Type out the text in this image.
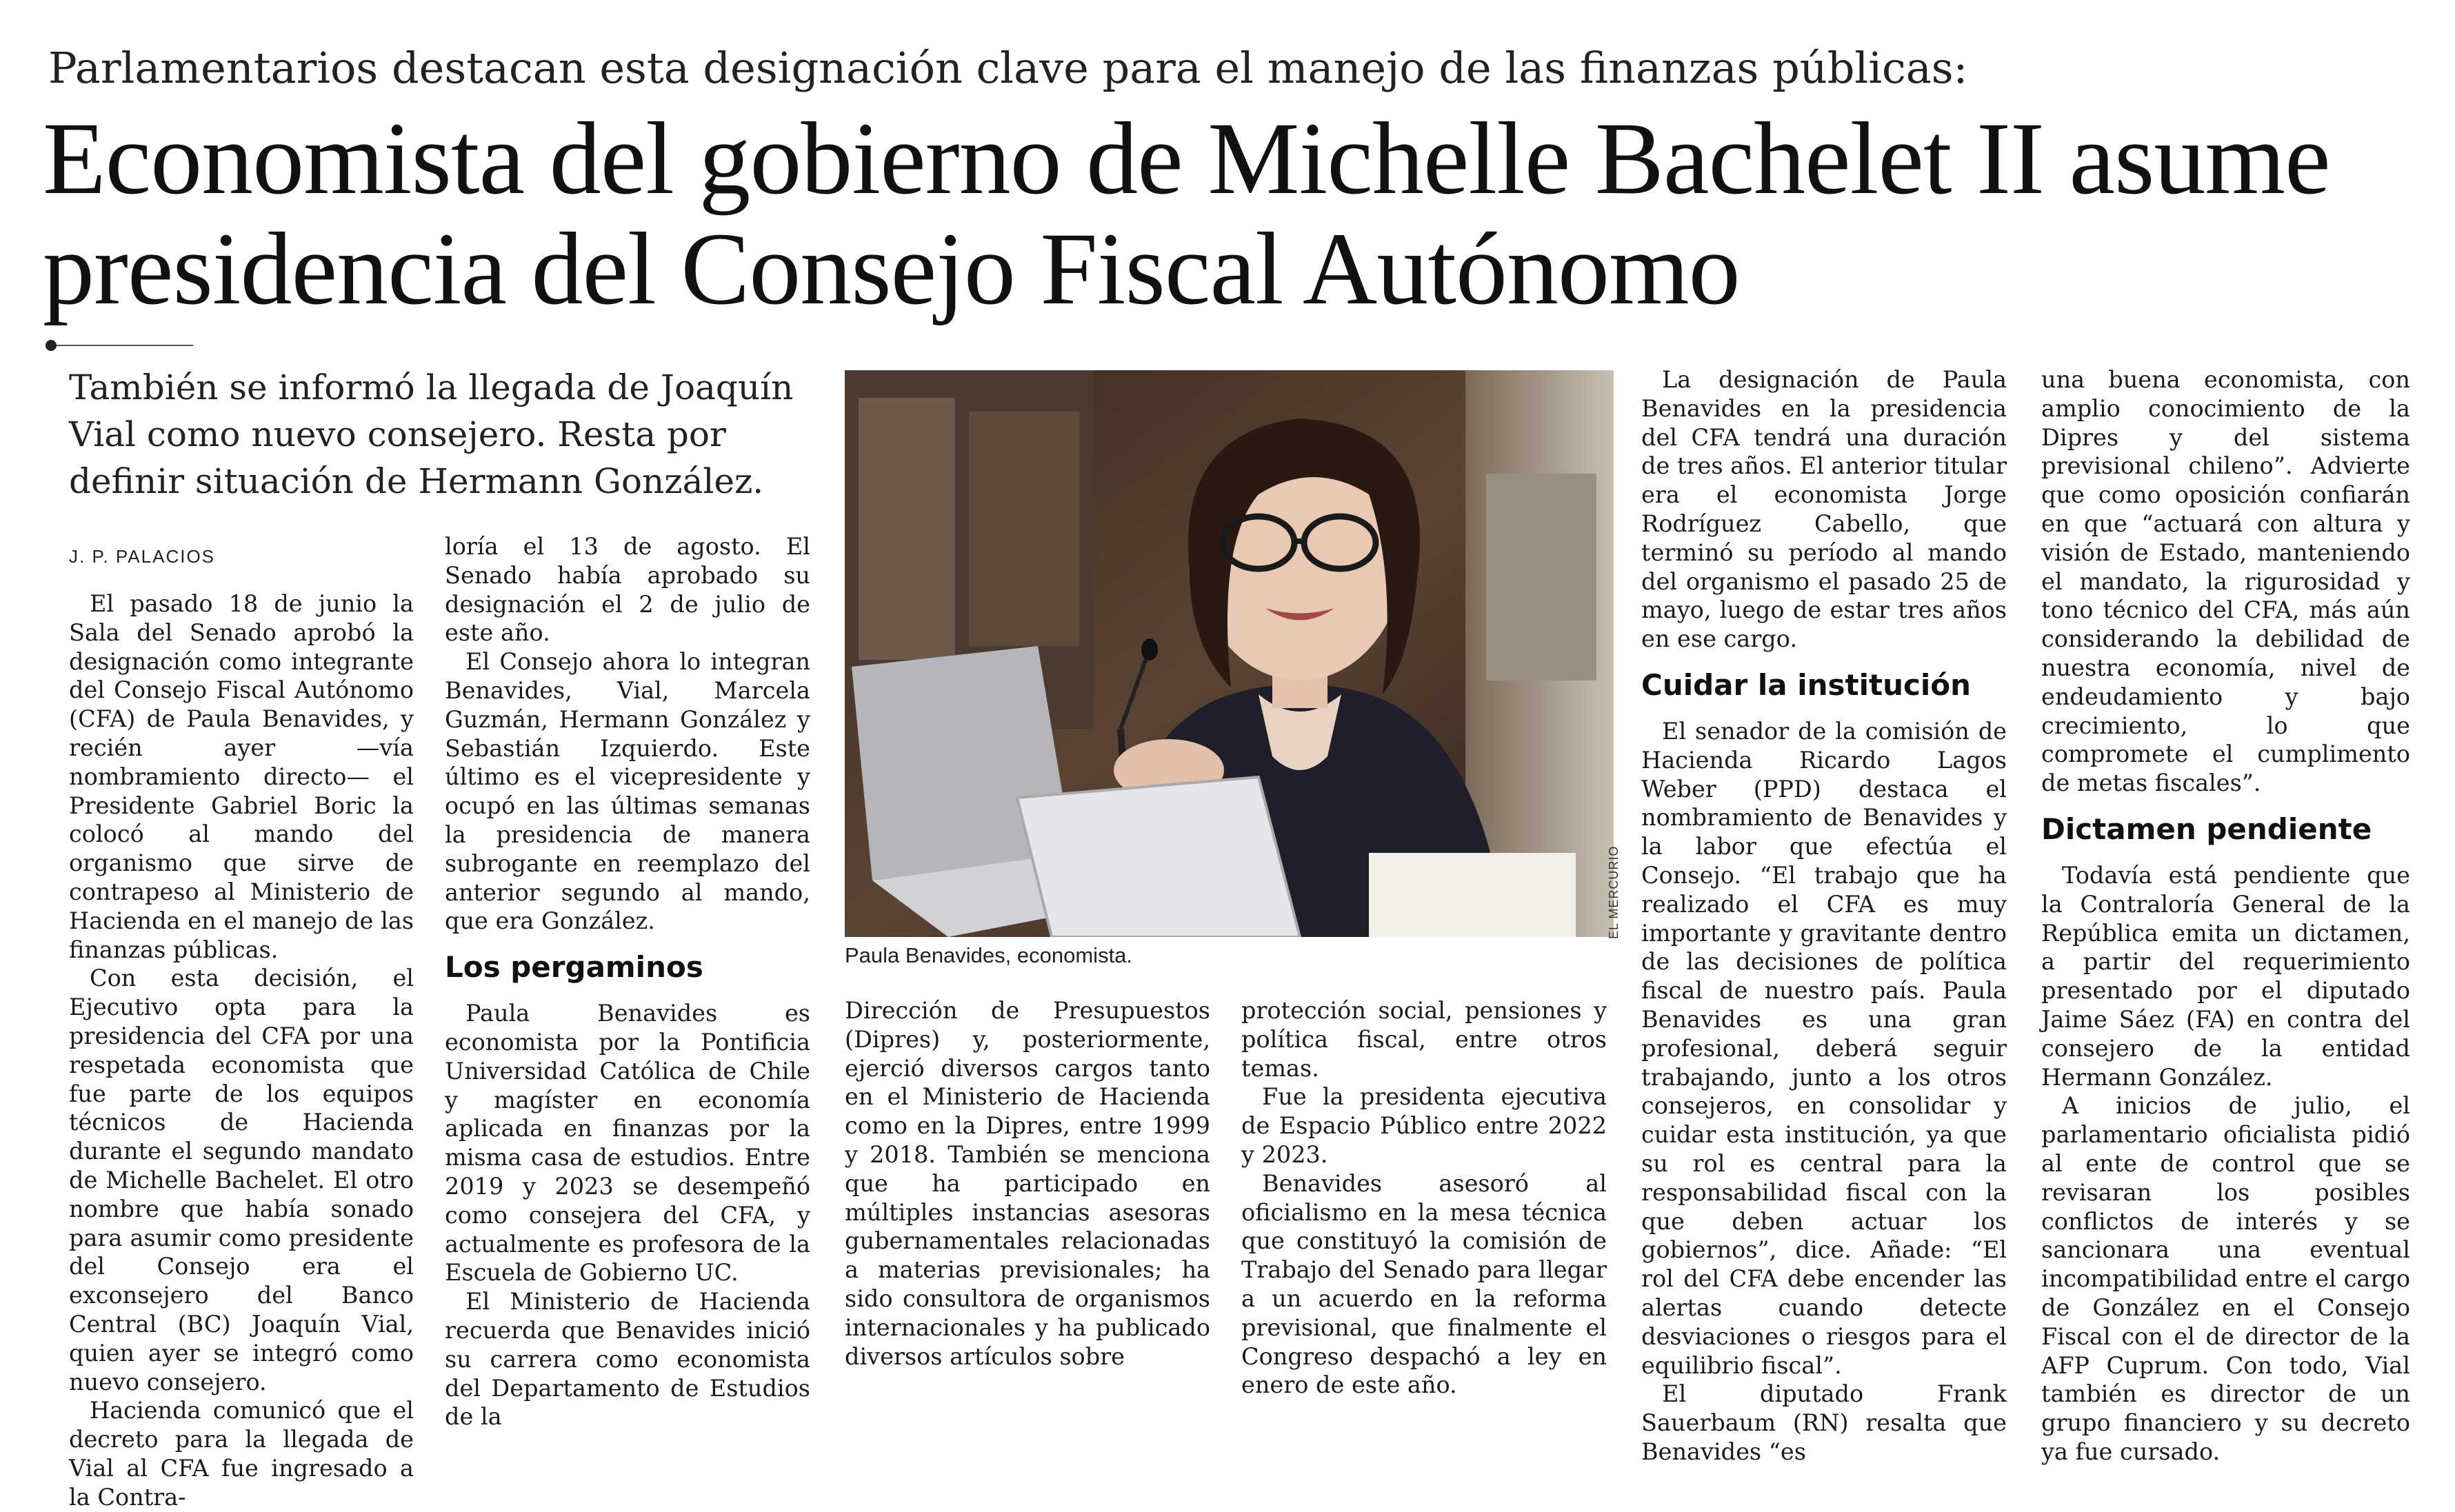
Parlamentarios destacan esta designación clave para el manejo de las finanzas públicas:
Economista del gobierno de Michelle Bachelet II asume presidencia del Consejo Fiscal Autónomo
También se informó la llegada de Joaquín Vial como nuevo consejero. Resta por definir situación de Hermann González.
J. P. PALACIOS

El pasado 18 de junio la Sala del Senado aprobó la designación como integrante del Consejo Fiscal Autónomo (CFA) de Paula Benavides, y recién ayer —vía nombramiento directo— el Presidente Gabriel Boric la colocó al mando del organismo que sirve de contrapeso al Ministerio de Hacienda en el manejo de las finanzas públicas.

Con esta decisión, el Ejecutivo opta para la presidencia del CFA por una respetada economista que fue parte de los equipos técnicos de Hacienda durante el segundo mandato de Michelle Bachelet. El otro nombre que había sonado para asumir como presidente del Consejo era el exconsejero del Banco Central (BC) Joaquín Vial, quien ayer se integró como nuevo consejero.

Hacienda comunicó que el decreto para la llegada de Vial al CFA fue ingresado a la Contra-

loría el 13 de agosto. El Senado había aprobado su designación el 2 de julio de este año.

El Consejo ahora lo integran Benavides, Vial, Marcela Guzmán, Hermann González y Sebastián Izquierdo. Este último es el vicepresidente y ocupó en las últimas semanas la presidencia de manera subrogante en reemplazo del anterior segundo al mando, que era González.

Los pergaminos

Paula Benavides es economista por la Pontificia Universidad Católica de Chile y magíster en economía aplicada en finanzas por la misma casa de estudios. Entre 2019 y 2023 se desempeñó como consejera del CFA, y actualmente es profesora de la Escuela de Gobierno UC.

El Ministerio de Hacienda recuerda que Benavides inició su carrera como economista del Departamento de Estudios de la

EL MERCURIO
Paula Benavides, economista.

Dirección de Presupuestos (Dipres) y, posteriormente, ejerció diversos cargos tanto en el Ministerio de Hacienda como en la Dipres, entre 1999 y 2018. También se menciona que ha participado en múltiples instancias asesoras gubernamentales relacionadas a materias previsionales; ha sido consultora de organismos internacionales y ha publicado diversos artículos sobre

protección social, pensiones y política fiscal, entre otros temas.

Fue la presidenta ejecutiva de Espacio Público entre 2022 y 2023.

Benavides asesoró al oficialismo en la mesa técnica que constituyó la comisión de Trabajo del Senado para llegar a un acuerdo en la reforma previsional, que finalmente el Congreso despachó a ley en enero de este año.

La designación de Paula Benavides en la presidencia del CFA tendrá una duración de tres años. El anterior titular era el economista Jorge Rodríguez Cabello, que terminó su período al mando del organismo el pasado 25 de mayo, luego de estar tres años en ese cargo.

Cuidar la institución

El senador de la comisión de Hacienda Ricardo Lagos Weber (PPD) destaca el nombramiento de Benavides y la labor que efectúa el Consejo. “El trabajo que ha realizado el CFA es muy importante y gravitante dentro de las decisiones de política fiscal de nuestro país. Paula Benavides es una gran profesional, deberá seguir trabajando, junto a los otros consejeros, en consolidar y cuidar esta institución, ya que su rol es central para la responsabilidad fiscal con la que deben actuar los gobiernos”, dice. Añade: “El rol del CFA debe encender las alertas cuando detecte desviaciones o riesgos para el equilibrio fiscal”.

El diputado Frank Sauerbaum (RN) resalta que Benavides “es

una buena economista, con amplio conocimiento de la Dipres y del sistema previsional chileno”. Advierte que como oposición confiarán en que “actuará con altura y visión de Estado, manteniendo el mandato, la rigurosidad y tono técnico del CFA, más aún considerando la debilidad de nuestra economía, nivel de endeudamiento y bajo crecimiento, lo que compromete el cumplimento de metas fiscales”.

Dictamen pendiente

Todavía está pendiente que la Contraloría General de la República emita un dictamen, a partir del requerimiento presentado por el diputado Jaime Sáez (FA) en contra del consejero de la entidad Hermann González.

A inicios de julio, el parlamentario oficialista pidió al ente de control que se revisaran los posibles conflictos de interés y se sancionara una eventual incompatibilidad entre el cargo de González en el Consejo Fiscal con el de director de la AFP Cuprum. Con todo, Vial también es director de un grupo financiero y su decreto ya fue cursado.
